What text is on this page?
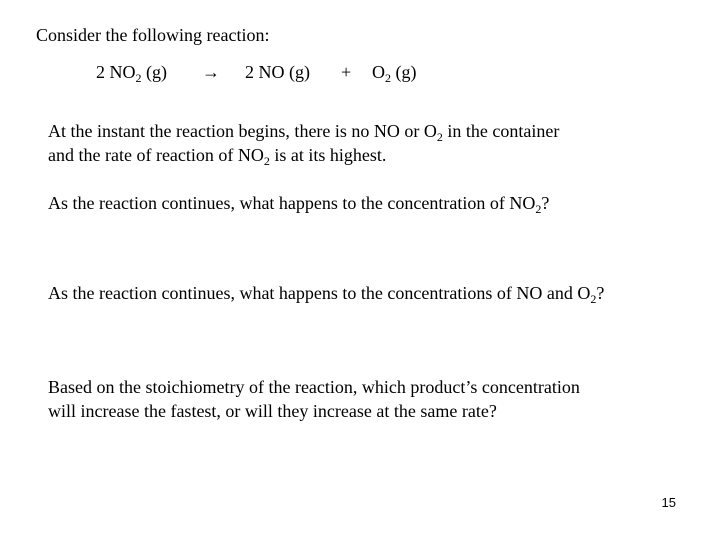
Consider the following reaction:
2 $NO_2$ (g) → 2 NO $(g) + O_2$ (g)
At the instant the reaction begins, there is no NO or $O_2$ in the container
and the rate of reaction of $NO_2$ is at its highest.
As the reaction continues, what happens to the concentration of $NO_2$?
As the reaction continues, what happens to the concentrations of NO and $O_2$?
Based on the stoichiometry of the reaction, which product’s concentration
will increase the fastest, or will they increase at the same rate?
15
